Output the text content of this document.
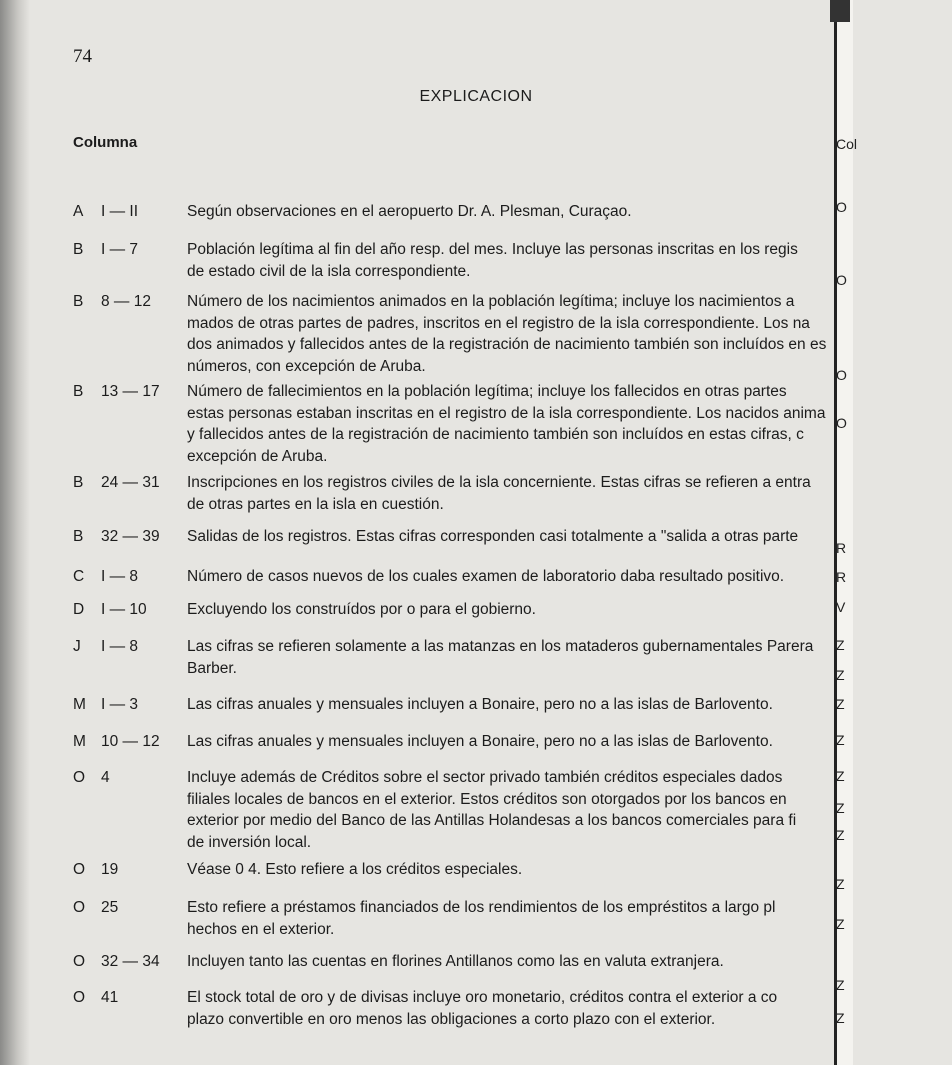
74
EXPLICACION
Columna
A I — II	Según observaciones en el aeropuerto Dr. A. Plesman, Curaçao.
B I — 7	Población legítima al fin del año resp. del mes. Incluye las personas inscritas en los regis
de estado civil de la isla correspondiente.
B 8 — 12	Número de los nacimientos animados en la población legítima; incluye los nacimientos a
mados de otras partes de padres, inscritos en el registro de la isla correspondiente. Los na
dos animados y fallecidos antes de la registración de nacimiento también son incluídos en es
números, con excepción de Aruba.
B 13 — 17	Número de fallecimientos en la población legítima; incluye los fallecidos en otras partes
estas personas estaban inscritas en el registro de la isla correspondiente. Los nacidos anima
y fallecidos antes de la registración de nacimiento también son incluídos en estas cifras, c
excepción de Aruba.
B 24 — 31	Inscripciones en los registros civiles de la isla concerniente. Estas cifras se refieren a entra
de otras partes en la isla en cuestión.
B 32 — 39	Salidas de los registros. Estas cifras corresponden casi totalmente a "salida a otras parte
C I — 8	Número de casos nuevos de los cuales examen de laboratorio daba resultado positivo.
D I — 10	Excluyendo los construídos por o para el gobierno.
J I — 8	Las cifras se refieren solamente a las matanzas en los mataderos gubernamentales Parera
Barber.
M I — 3	Las cifras anuales y mensuales incluyen a Bonaire, pero no a las islas de Barlovento.
M 10 — 12	Las cifras anuales y mensuales incluyen a Bonaire, pero no a las islas de Barlovento.
O 4	Incluye además de Créditos sobre el sector privado también créditos especiales dados
filiales locales de bancos en el exterior. Estos créditos son otorgados por los bancos en
exterior por medio del Banco de las Antillas Holandesas a los bancos comerciales para fi
de inversión local.
O 19	Véase 0 4. Esto refiere a los créditos especiales.
O 25	Esto refiere a préstamos financiados de los rendimientos de los empréstitos a largo pl
hechos en el exterior.
O 32 — 34	Incluyen tanto las cuentas en florines Antillanos como las en valuta extranjera.
O 41	El stock total de oro y de divisas incluye oro monetario, créditos contra el exterior a co
plazo convertible en oro menos las obligaciones a corto plazo con el exterior.
Col
O
O
O
O
R
R
V
Z
Z
Z
Z
Z
Z
Z
Z
Z
Z
Z
